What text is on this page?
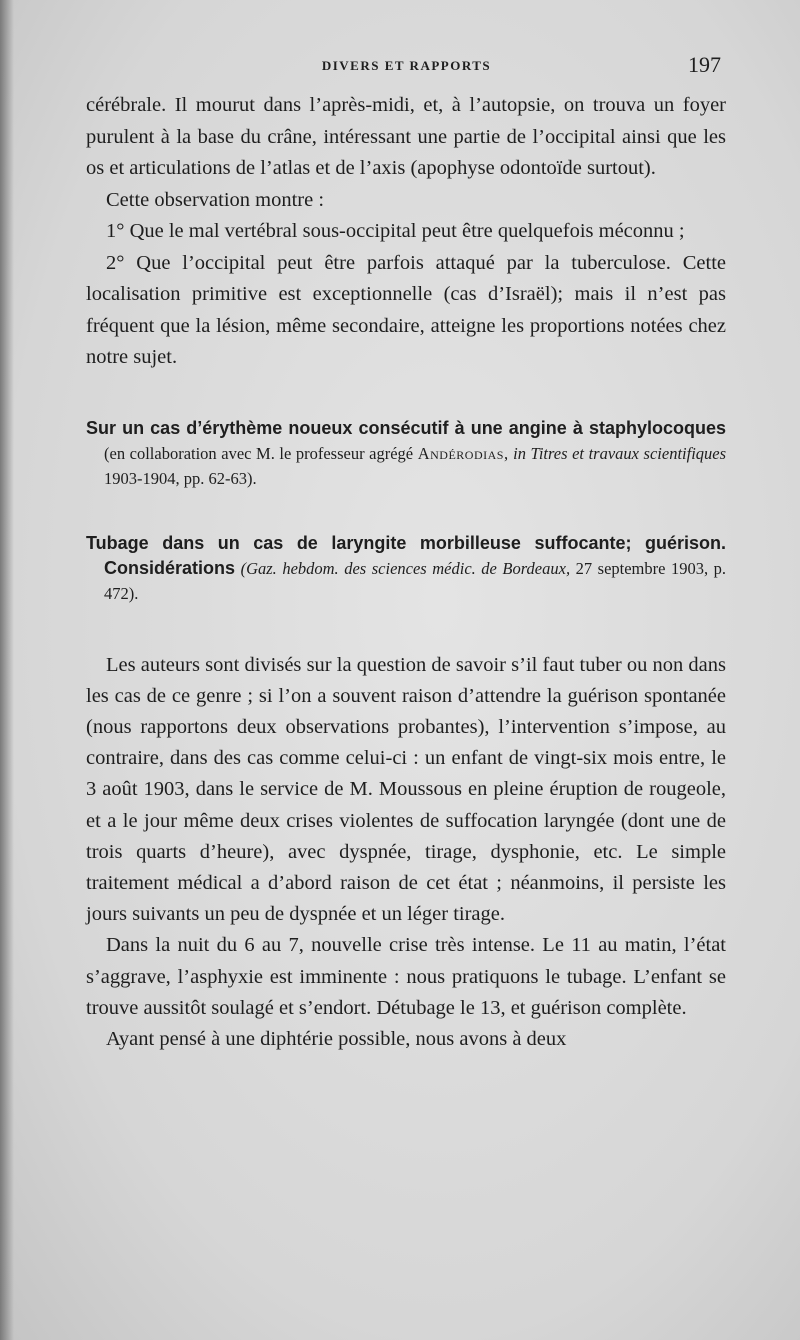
DIVERS ET RAPPORTS	197

cérébrale. Il mourut dans l’après-midi, et, à l’autopsie, on trouva un foyer purulent à la base du crâne, intéressant une partie de l’occipital ainsi que les os et articulations de l’atlas et de l’axis (apophyse odontoïde surtout).

Cette observation montre :

1° Que le mal vertébral sous-occipital peut être quelquefois méconnu ;

2° Que l’occipital peut être parfois attaqué par la tuberculose. Cette localisation primitive est exceptionnelle (cas d’Israël); mais il n’est pas fréquent que la lésion, même secondaire, atteigne les proportions notées chez notre sujet.

Sur un cas d’érythème noueux consécutif à une angine à staphylocoques (en collaboration avec M. le professeur agrégé Andérodias, in Titres et travaux scientifiques 1903-1904, pp. 62-63).

Tubage dans un cas de laryngite morbilleuse suffocante; guérison. Considérations (Gaz. hebdom. des sciences médic. de Bordeaux, 27 septembre 1903, p. 472).

Les auteurs sont divisés sur la question de savoir s’il faut tuber ou non dans les cas de ce genre ; si l’on a souvent raison d’attendre la guérison spontanée (nous rapportons deux observations probantes), l’intervention s’impose, au contraire, dans des cas comme celui-ci : un enfant de vingt-six mois entre, le 3 août 1903, dans le service de M. Moussous en pleine éruption de rougeole, et a le jour même deux crises violentes de suffocation laryngée (dont une de trois quarts d’heure), avec dyspnée, tirage, dysphonie, etc. Le simple traitement médical a d’abord raison de cet état ; néanmoins, il persiste les jours suivants un peu de dyspnée et un léger tirage.

Dans la nuit du 6 au 7, nouvelle crise très intense. Le 11 au matin, l’état s’aggrave, l’asphyxie est imminente : nous pratiquons le tubage. L’enfant se trouve aussitôt soulagé et s’endort. Détubage le 13, et guérison complète.

Ayant pensé à une diphtérie possible, nous avons à deux
